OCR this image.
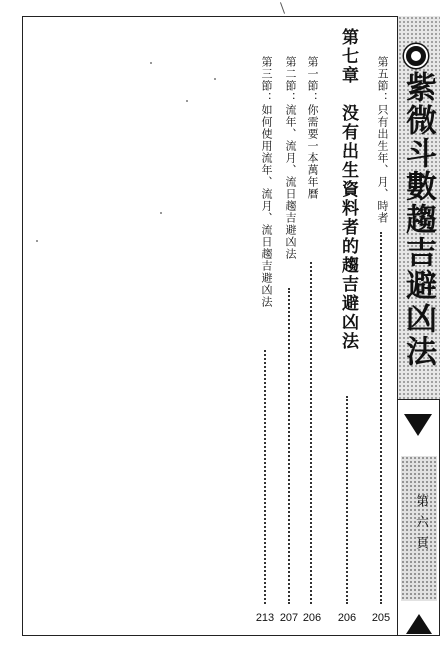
紫微斗數趨吉避凶法
第六頁
第五節：只有出生年、月、時者
205
第七章　没有出生資料者的趨吉避凶法
206
第一節：你需要一本萬年曆
206
第二節：流年、流月、流日趨吉避凶法
207
第三節：如何使用流年、流月、流日趨吉避凶法
213
